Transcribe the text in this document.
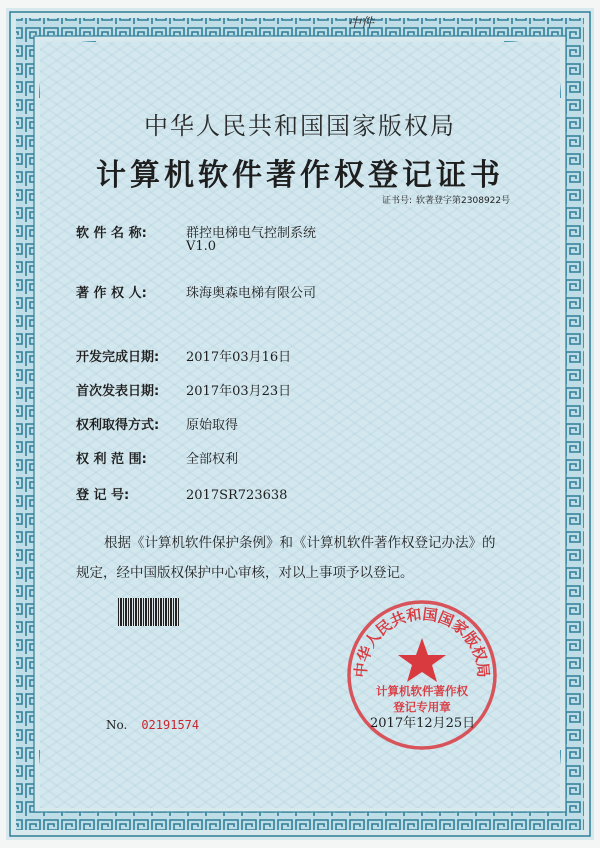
中件
中华人民共和国国家版权局
计算机软件著作权登记证书
证书号: 软著登字第2308922号
软 件 名 称:	群控电梯电气控制系统
V1.0
著 作 权 人:	珠海奥森电梯有限公司
开发完成日期: 2017年03月16日
首次发表日期: 2017年03月23日
权利取得方式: 原始取得
权 利 范 围:	全部权利
登 记 号:	2017SR723638

根据《计算机软件保护条例》和《计算机软件著作权登记办法》的

规定，经中国版权保护中心审核，对以上事项予以登记。

中华人民共和国国家版权局
计算机软件著作权
登记专用章
2017年12月25日
No. 02191574
